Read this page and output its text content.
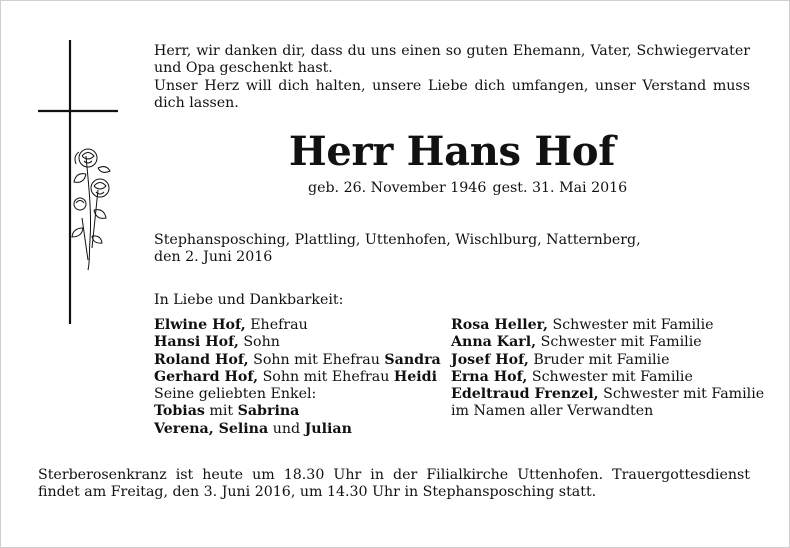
Herr, wir danken dir, dass du uns einen so guten Ehemann, Vater, Schwiegervater und Opa geschenkt hast.

Unser Herz will dich halten, unsere Liebe dich umfangen, unser Verstand muss dich lassen.

Herr Hans Hof
geb. 26. November 1946 gest. 31. Mai 2016
Stephansposching, Plattling, Uttenhofen, Wischlburg, Natternberg,
den 2. Juni 2016
In Liebe und Dankbarkeit:
Elwine Hof, Ehefrau
Hansi Hof, Sohn
Roland Hof, Sohn mit Ehefrau Sandra
Gerhard Hof, Sohn mit Ehefrau Heidi
Seine geliebten Enkel:
Tobias mit Sabrina
Verena, Selina und Julian
Rosa Heller, Schwester mit Familie
Anna Karl, Schwester mit Familie
Josef Hof, Bruder mit Familie
Erna Hof, Schwester mit Familie
Edeltraud Frenzel, Schwester mit Familie
im Namen aller Verwandten
Sterberosenkranz ist heute um 18.30 Uhr in der Filialkirche Uttenhofen. Trauergottesdienst findet am Freitag, den 3. Juni 2016, um 14.30 Uhr in Stephansposching statt.
